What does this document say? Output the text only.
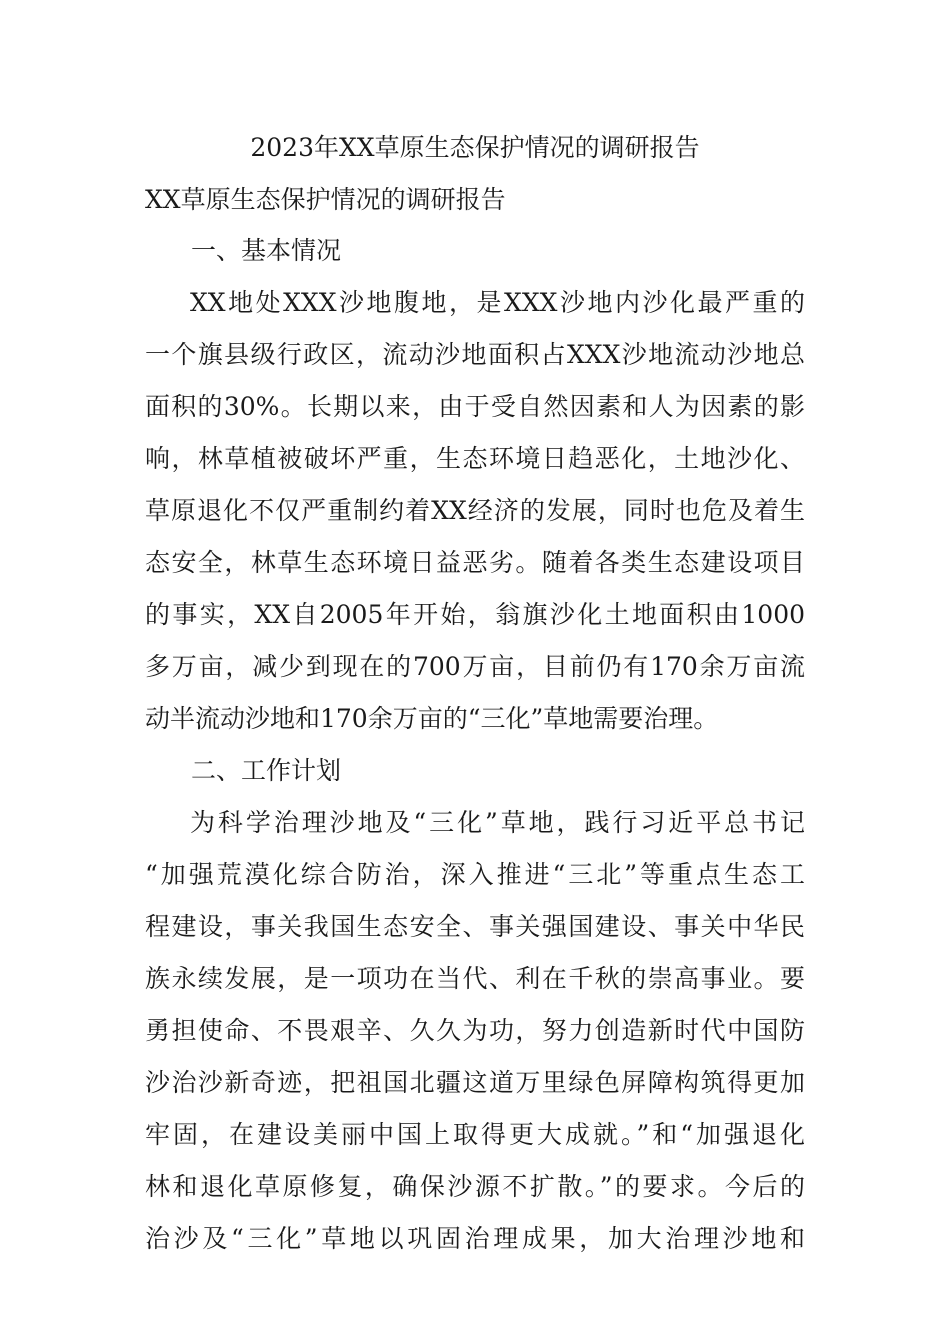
2023年XX草原生态保护情况的调研报告
XX草原生态保护情况的调研报告
一、基本情况
XX地处XXX沙地腹地，是XXX沙地内沙化最严重的
一个旗县级行政区，流动沙地面积占XXX沙地流动沙地总
面积的30%。长期以来，由于受自然因素和人为因素的影
响，林草植被破坏严重，生态环境日趋恶化，土地沙化、
草原退化不仅严重制约着XX经济的发展，同时也危及着生
态安全，林草生态环境日益恶劣。随着各类生态建设项目
的事实，XX自2005年开始，翁旗沙化土地面积由1000
多万亩，减少到现在的700万亩，目前仍有170余万亩流
动半流动沙地和170余万亩的“三化”草地需要治理。
二、工作计划
为科学治理沙地及“三化”草地，践行习近平总书记
“加强荒漠化综合防治，深入推进“三北”等重点生态工
程建设，事关我国生态安全、事关强国建设、事关中华民
族永续发展，是一项功在当代、利在千秋的崇高事业。要
勇担使命、不畏艰辛、久久为功，努力创造新时代中国防
沙治沙新奇迹，把祖国北疆这道万里绿色屏障构筑得更加
牢固，在建设美丽中国上取得更大成就。”和“加强退化
林和退化草原修复，确保沙源不扩散。”的要求。今后的
治沙及“三化”草地以巩固治理成果，加大治理沙地和
